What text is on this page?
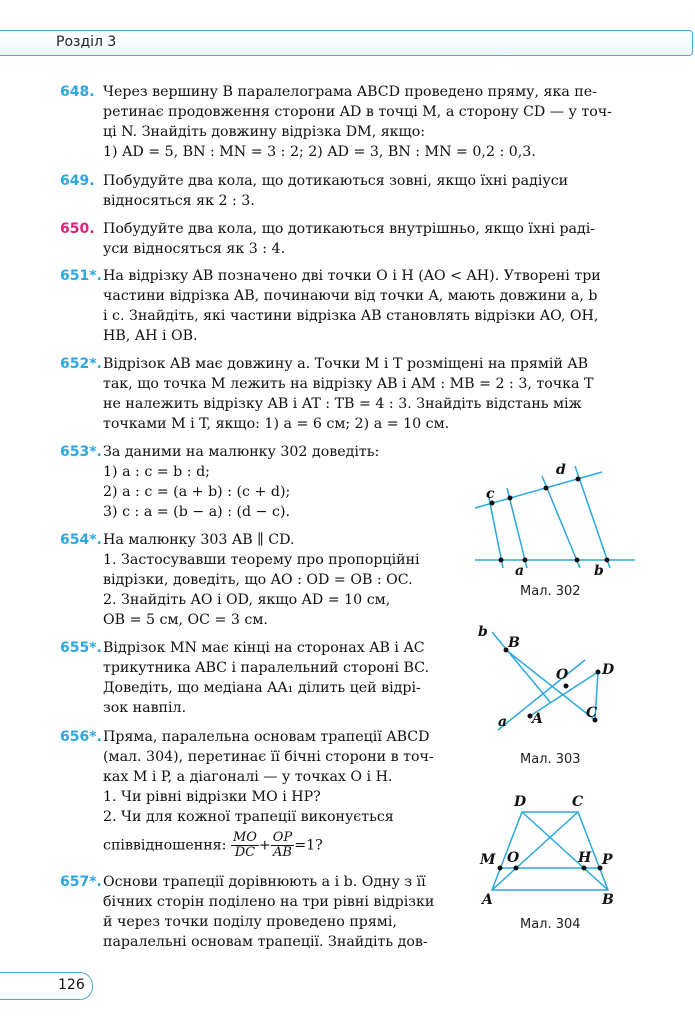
Розділ 3
648. Через вершину B паралелограма ABCD проведено пряму, яка пе-
ретинає продовження сторони AD в точці M, а сторону CD — у точ-
ці N. Знайдіть довжину відрізка DM, якщо:
1) AD = 5, BN : MN = 3 : 2; 2) AD = 3, BN : MN = 0,2 : 0,3.
649. Побудуйте два кола, що дотикаються зовні, якщо їхні радіуси
відносяться як 2 : 3.
650. Побудуйте два кола, що дотикаються внутрішньо, якщо їхні раді-
уси відносяться як 3 : 4.
651*. На відрізку AB позначено дві точки O і H (AO < AH). Утворені три
частини відрізка AB, починаючи від точки A, мають довжини a, b
і c. Знайдіть, які частини відрізка AB становлять відрізки AO, OH,
HB, AH і OB.
652*. Відрізок AB має довжину a. Точки M і T розміщені на прямій AB
так, що точка M лежить на відрізку AB і AM : MB = 2 : 3, точка T
не належить відрізку AB і AT : TB = 4 : 3. Знайдіть відстань між
точками M і T, якщо: 1) a = 6 см; 2) a = 10 см.
653*. За даними на малюнку 302 доведіть:
1) a : c = b : d;
2) a : c = (a + b) : (c + d);
3) c : a = (b − a) : (d − c).
654*. На малюнку 303 AB ∥ CD.
1. Застосувавши теорему про пропорційні
відрізки, доведіть, що AO : OD = OB : OC.
2. Знайдіть AO і OD, якщо AD = 10 см,
OB = 5 см, OC = 3 см.
655*. Відрізок MN має кінці на сторонах AB і AC
трикутника ABC і паралельний стороні BC.
Доведіть, що медіана AA₁ ділить цей відрі-
зок навпіл.
656*. Пряма, паралельна основам трапеції ABCD
(мал. 304), перетинає її бічні сторони в точ-
ках M і P, а діагоналі — у точках O і H.
1. Чи рівні відрізки MO і HP?
2. Чи для кожної трапеції виконується
співвідношення: $\frac{MO}{DC} + \frac{OP}{AB} =1$?
657*. Основи трапеції дорівнюють a і b. Одну з її
бічних сторін поділено на три рівні відрізки
й через точки поділу проведено прямі,
паралельні основам трапеції. Знайдіть дов-
c
d
a	b
Мал. 302
b
B
O D
C
a A
Мал. 303
D	C
M O	H P
A	B
Мал. 304
126
